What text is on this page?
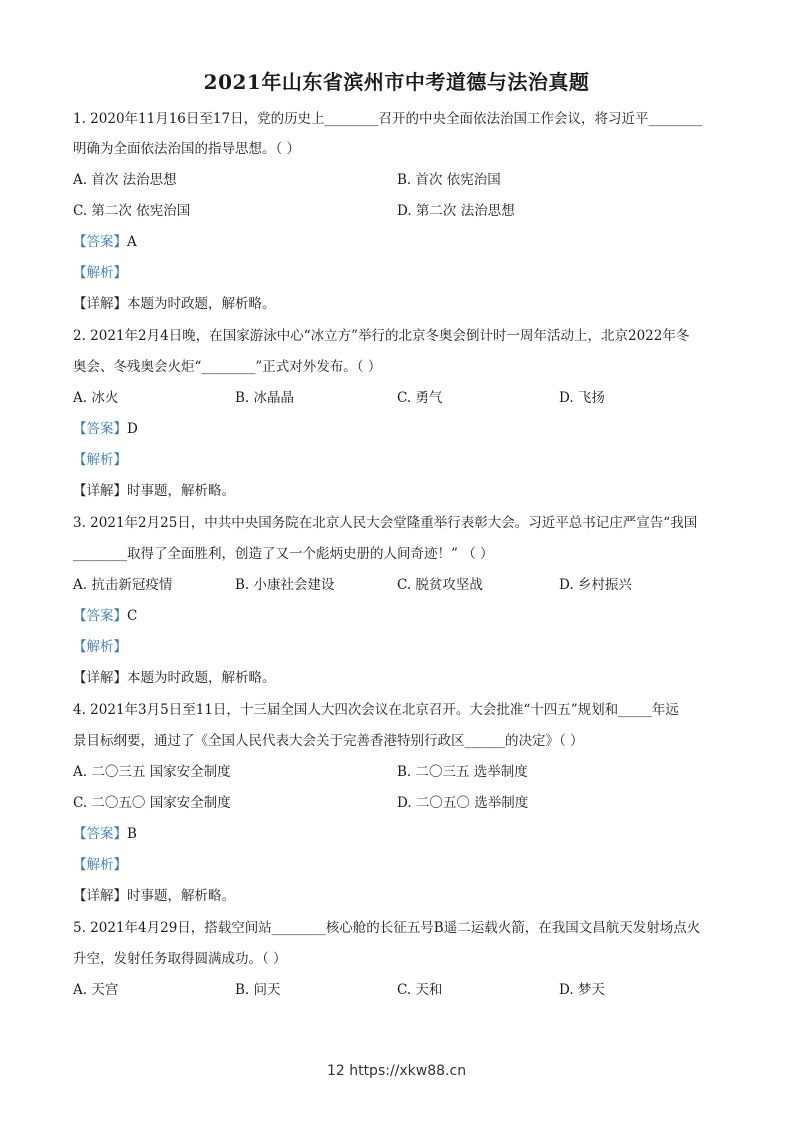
2021年山东省滨州市中考道德与法治真题
1. 2020年11月16日至17日，党的历史上________召开的中央全面依法治国工作会议，将习近平________
明确为全面依法治国的指导思想。（ ）
A. 首次 法治思想	B. 首次 依宪治国
C. 第二次 依宪治国	D. 第二次 法治思想
【答案】A
【解析】
【详解】本题为时政题，解析略。
2. 2021年2月4日晚，在国家游泳中心“冰立方”举行的北京冬奥会倒计时一周年活动上，北京2022年冬
奥会、冬残奥会火炬“________”正式对外发布。（ ）
A. 冰火	B. 冰晶晶	C. 勇气	D. 飞扬
【答案】D
【解析】
【详解】时事题，解析略。
3. 2021年2月25日，中共中央国务院在北京人民大会堂隆重举行表彰大会。习近平总书记庄严宣告“我国
________取得了全面胜利，创造了又一个彪炳史册的人间奇迹！” （ ）
A. 抗击新冠疫情	B. 小康社会建设	C. 脱贫攻坚战	D. 乡村振兴
【答案】C
【解析】
【详解】本题为时政题，解析略。
4. 2021年3月5日至11日，十三届全国人大四次会议在北京召开。大会批准“十四五”规划和_____年远
景目标纲要，通过了《全国人民代表大会关于完善香港特别行政区______的决定》（ ）
A. 二〇三五 国家安全制度	B. 二〇三五 选举制度
C. 二〇五〇 国家安全制度	D. 二〇五〇 选举制度
【答案】B
【解析】
【详解】时事题，解析略。
5. 2021年4月29日，搭载空间站________核心舱的长征五号B遥二运载火箭，在我国文昌航天发射场点火
升空，发射任务取得圆满成功。（ ）
A. 天宫	B. 问天	C. 天和	D. 梦天
12 https://xkw88.cn
